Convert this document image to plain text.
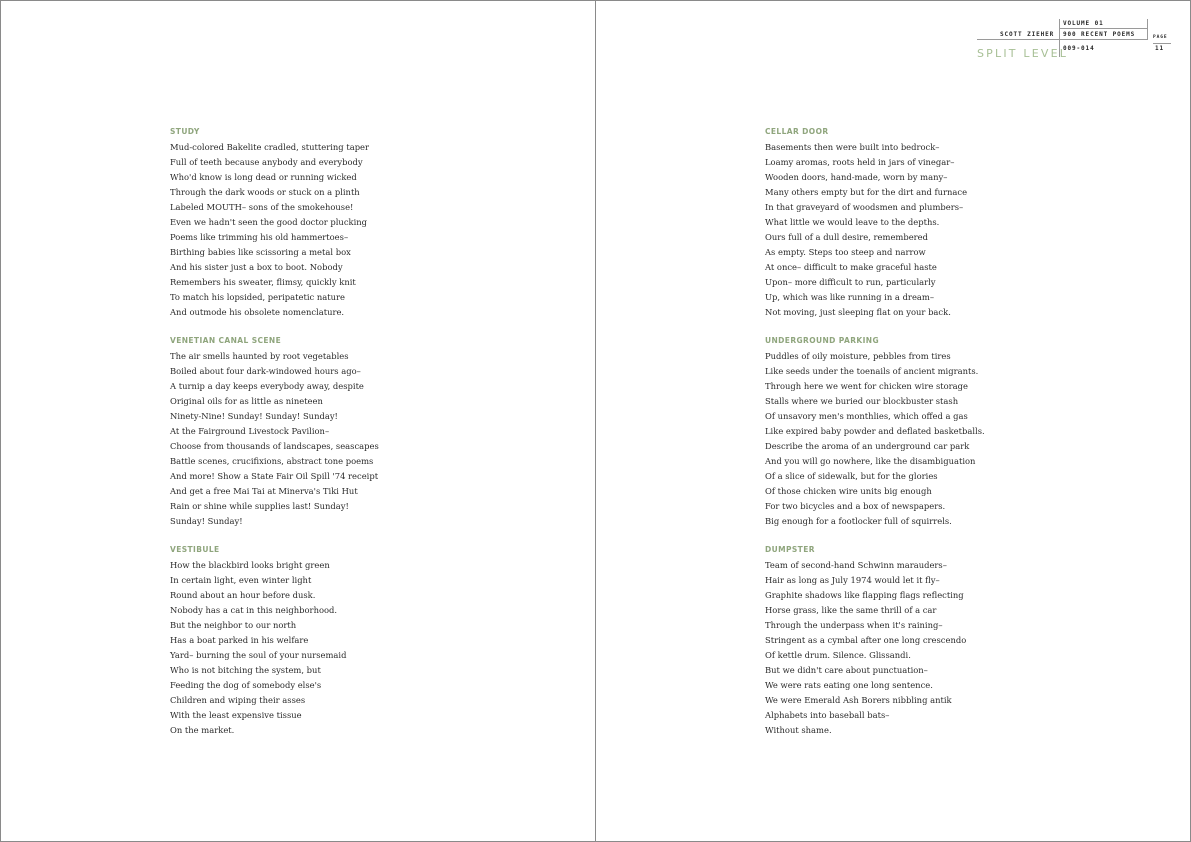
STUDY
Mud-colored Bakelite cradled, stuttering taper
Full of teeth because anybody and everybody
Who'd know is long dead or running wicked
Through the dark woods or stuck on a plinth
Labeled MOUTH– sons of the smokehouse!
Even we hadn't seen the good doctor plucking
Poems like trimming his old hammertoes–
Birthing babies like scissoring a metal box
And his sister just a box to boot. Nobody
Remembers his sweater, flimsy, quickly knit
To match his lopsided, peripatetic nature
And outmode his obsolete nomenclature.
VENETIAN CANAL SCENE
The air smells haunted by root vegetables
Boiled about four dark-windowed hours ago–
A turnip a day keeps everybody away, despite
Original oils for as little as nineteen
Ninety-Nine! Sunday! Sunday! Sunday!
At the Fairground Livestock Pavilion–
Choose from thousands of landscapes, seascapes
Battle scenes, crucifixions, abstract tone poems
And more! Show a State Fair Oil Spill '74 receipt
And get a free Mai Tai at Minerva's Tiki Hut
Rain or shine while supplies last! Sunday!
Sunday! Sunday!
VESTIBULE
How the blackbird looks bright green
In certain light, even winter light
Round about an hour before dusk.
Nobody has a cat in this neighborhood.
But the neighbor to our north
Has a boat parked in his welfare
Yard– burning the soul of your nursemaid
Who is not bitching the system, but
Feeding the dog of somebody else's
Children and wiping their asses
With the least expensive tissue
On the market.
VOLUME 01
SCOTT ZIEHER 900 RECENT POEMS
009-014
SPLIT LEVEL
PAGE
11
CELLAR DOOR
Basements then were built into bedrock–
Loamy aromas, roots held in jars of vinegar–
Wooden doors, hand-made, worn by many–
Many others empty but for the dirt and furnace
In that graveyard of woodsmen and plumbers–
What little we would leave to the depths.
Ours full of a dull desire, remembered
As empty. Steps too steep and narrow
At once– difficult to make graceful haste
Upon– more difficult to run, particularly
Up, which was like running in a dream–
Not moving, just sleeping flat on your back.
UNDERGROUND PARKING
Puddles of oily moisture, pebbles from tires
Like seeds under the toenails of ancient migrants.
Through here we went for chicken wire storage
Stalls where we buried our blockbuster stash
Of unsavory men's monthlies, which offed a gas
Like expired baby powder and deflated basketballs.
Describe the aroma of an underground car park
And you will go nowhere, like the disambiguation
Of a slice of sidewalk, but for the glories
Of those chicken wire units big enough
For two bicycles and a box of newspapers.
Big enough for a footlocker full of squirrels.
DUMPSTER
Team of second-hand Schwinn marauders–
Hair as long as July 1974 would let it fly–
Graphite shadows like flapping flags reflecting
Horse grass, like the same thrill of a car
Through the underpass when it's raining–
Stringent as a cymbal after one long crescendo
Of kettle drum. Silence. Glissandi.
But we didn't care about punctuation–
We were rats eating one long sentence.
We were Emerald Ash Borers nibbling antik
Alphabets into baseball bats–
Without shame.
